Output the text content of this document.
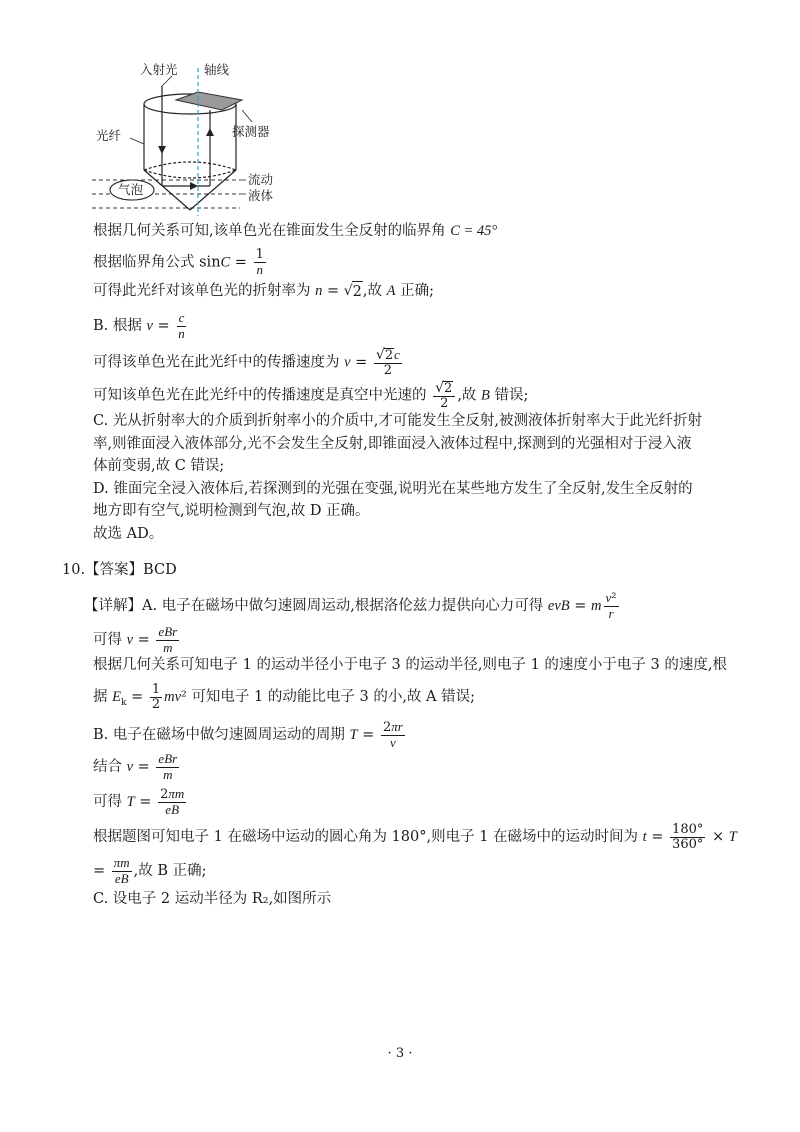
入射光 轴线
光纤	探测器
气泡
流动
液体
根据几何关系可知,该单色光在锥面发生全反射的临界角 C = 45°
根据临界角公式 $\sin C = \frac{1}{n}$
可得此光纤对该单色光的折射率为 n = √ 2 ,故 A 正确;
B. 根据 $v = \frac{c}{n}$
可得该单色光在此光纤中的传播速度为 $v = \frac{√ 2 c}{2}$
可知该单色光在此光纤中的传播速度是真空中光速的 $\frac{√ 2}{2}$ ,故 B 错误;
C. 光从折射率大的介质到折射率小的介质中,才可能发生全反射,被测液体折射率大于此光纤折射
率,则锥面浸入液体部分,光不会发生全反射,即锥面浸入液体过程中,探测到的光强相对于浸入液
体前变弱,故 C 错误;
D. 锥面完全浸入液体后,若探测到的光强在变强,说明光在某些地方发生了全反射,发生全反射的
地方即有空气,说明检测到气泡,故 D 正确。
故选 AD。
10.【答案】BCD
【详解】A. 电子在磁场中做匀速圆周运动,根据洛伦兹力提供向心力可得 evB = m $\frac{\text{v²}}{r}$
可得 $v = \frac{\text{eBr}}{m}$
根据几何关系可知电子 1 的运动半径小于电子 3 的运动半径,则电子 1 的速度小于电子 3 的速度,根
据 $E_k = \frac{1}{2} mv^2$ 可知电子 1 的动能比电子 3 的小,故 A 错误;
B. 电子在磁场中做匀速圆周运动的周期 $T = \frac{2\pi r}{v}$
结合 $v = \frac{\text{eBr}}{m}$
可得 $T = \frac{2\pi m}{eB}$
根据题图可知电子 1 在磁场中运动的圆心角为 180°,则电子 1 在磁场中的运动时间为 $t = \frac{180^\circ}{360^\circ} \times T$
= $\frac{\pi m}{eB}$ ,故 B 正确;
C. 设电子 2 运动半径为 R₂,如图所示
· 3 ·
